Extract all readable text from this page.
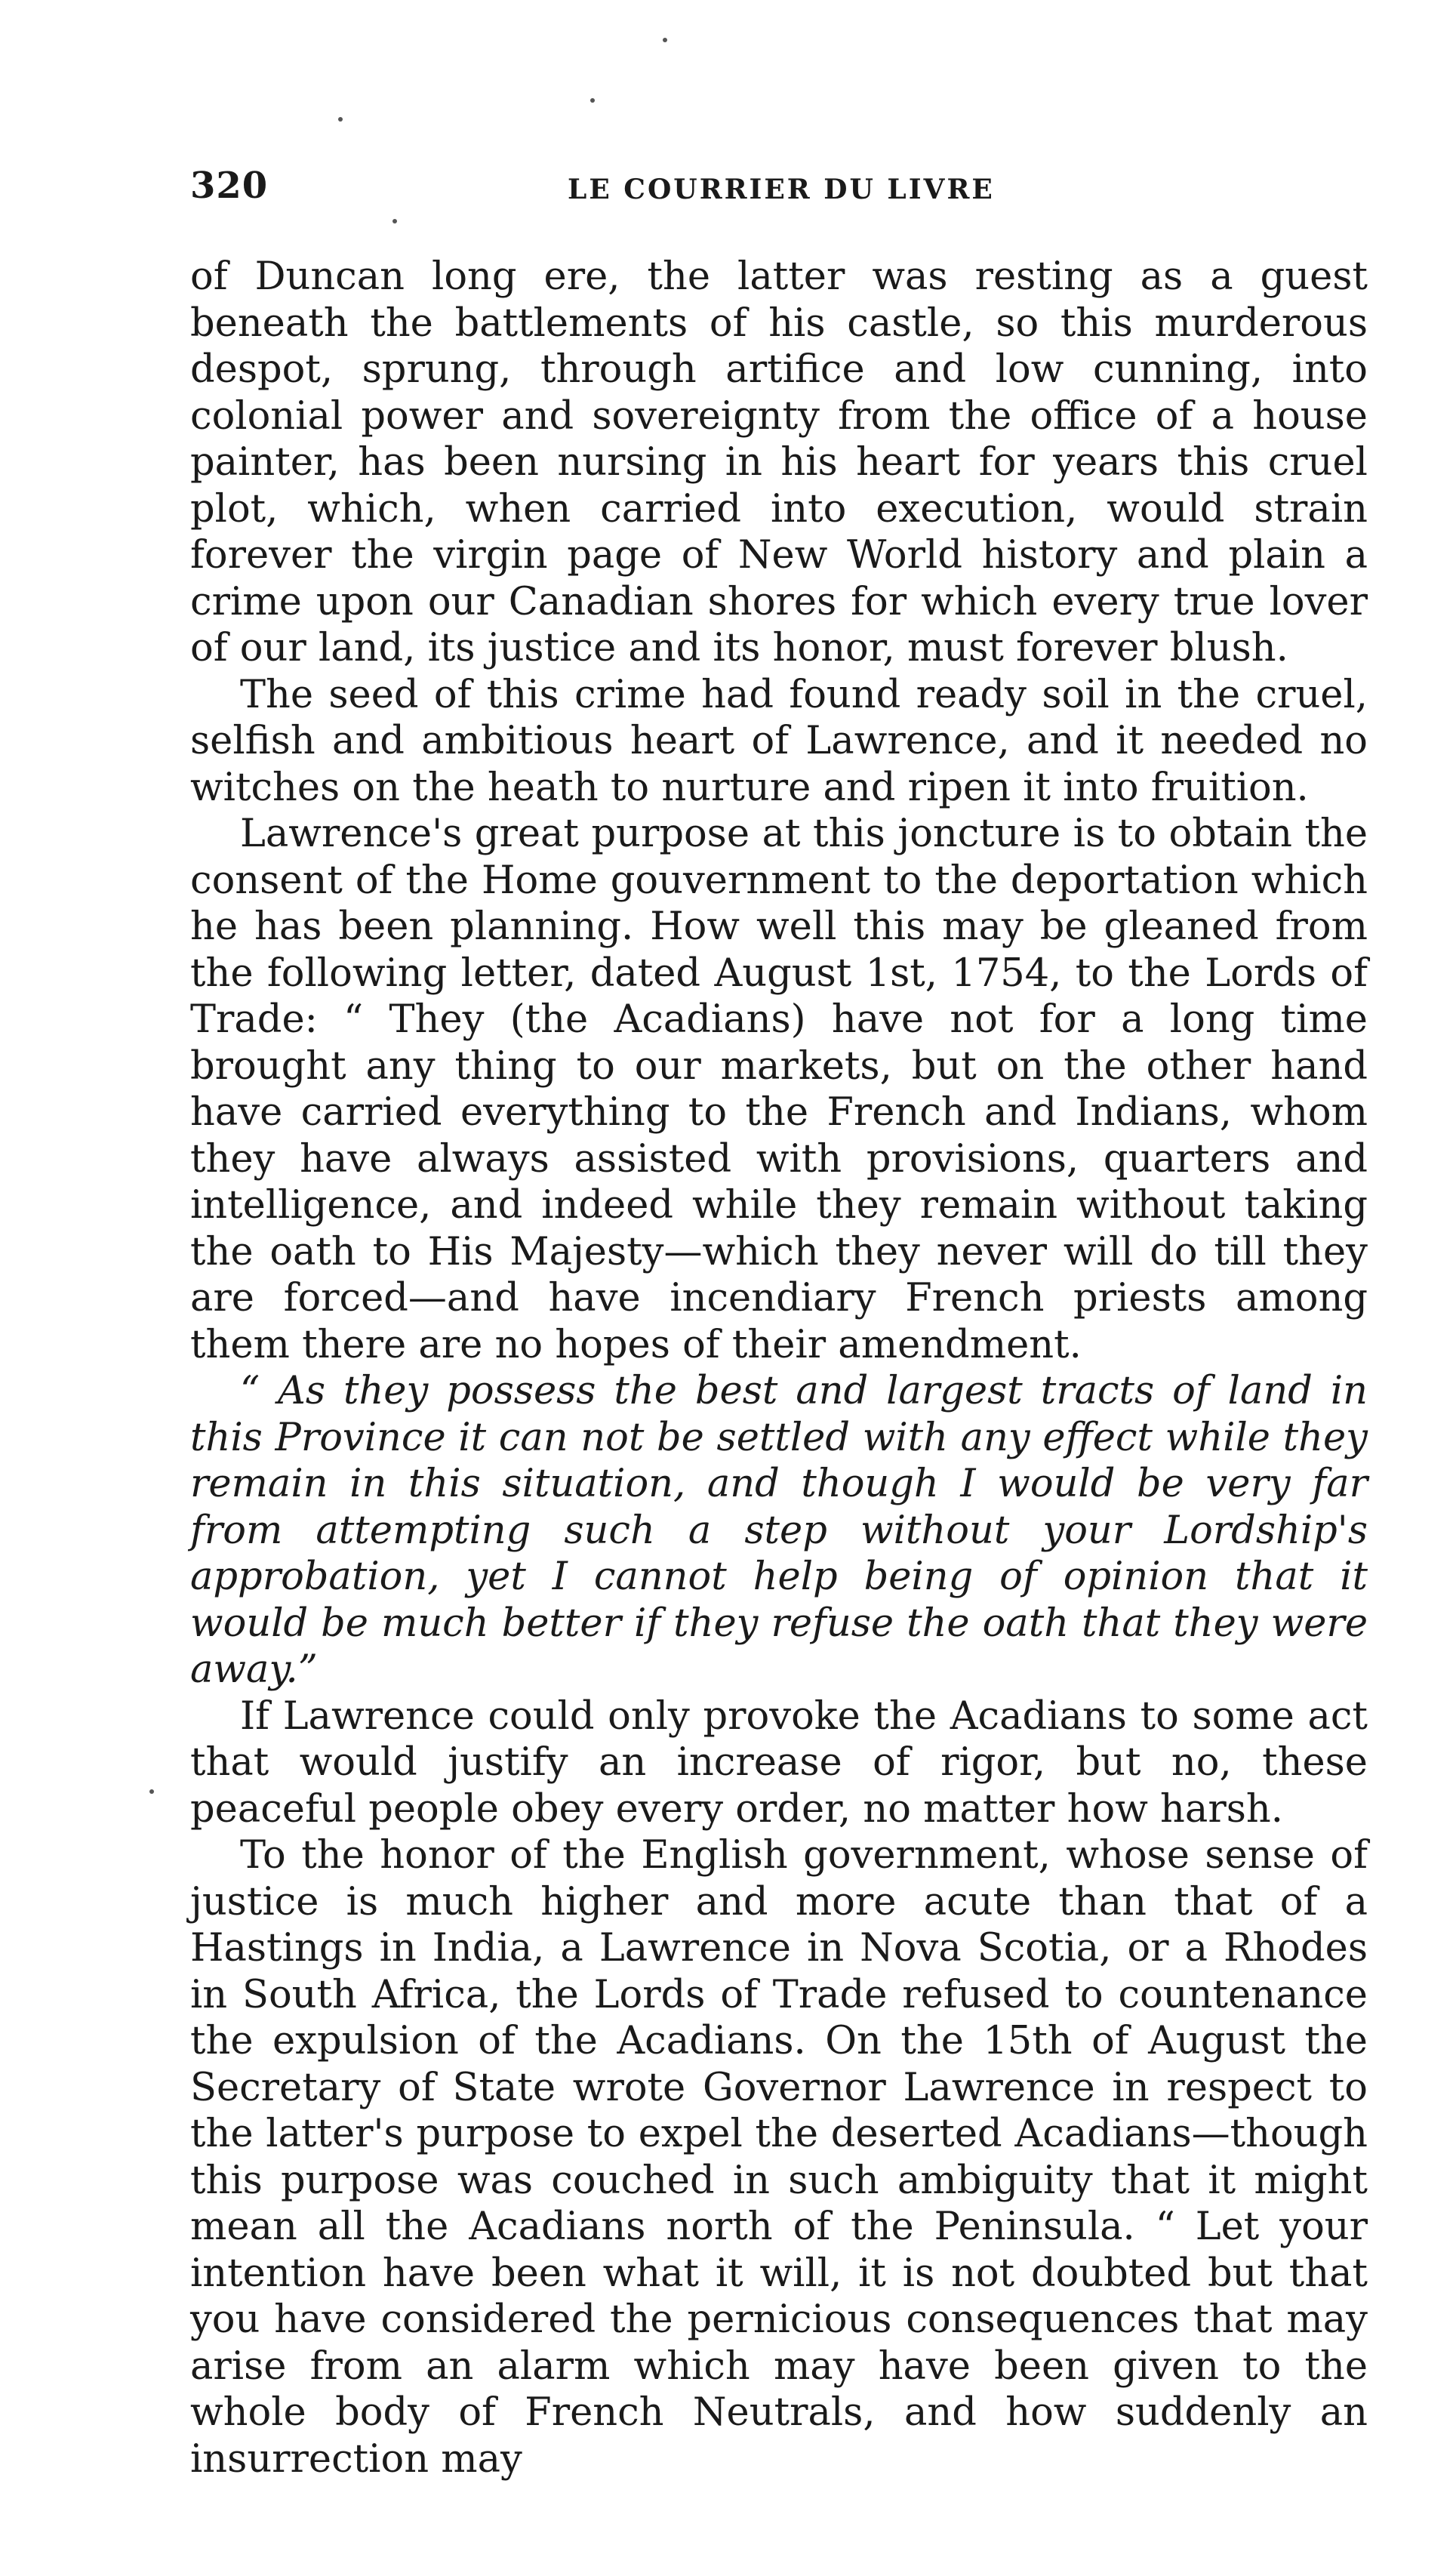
320	LE COURRIER DU LIVRE

of Duncan long ere, the latter was resting as a guest beneath the battlements of his castle, so this murderous despot, sprung, through artifice and low cunning, into colonial power and sovereignty from the office of a house painter, has been nursing in his heart for years this cruel plot, which, when carried into execution, would strain forever the virgin page of New World history and plain a crime upon our Canadian shores for which every true lover of our land, its justice and its honor, must forever blush.

The seed of this crime had found ready soil in the cruel, selfish and ambitious heart of Lawrence, and it needed no witches on the heath to nurture and ripen it into fruition.

Lawrence's great purpose at this joncture is to obtain the consent of the Home gouvernment to the deportation which he has been planning. How well this may be gleaned from the following letter, dated August 1st, 1754, to the Lords of Trade: “ They (the Acadians) have not for a long time brought any thing to our markets, but on the other hand have carried everything to the French and Indians, whom they have always assisted with provisions, quarters and intelligence, and indeed while they remain without taking the oath to His Majesty—which they never will do till they are forced—and have incendiary French priests among them there are no hopes of their amendment.

“ As they possess the best and largest tracts of land in this Province it can not be settled with any effect while they remain in this situation, and though I would be very far from attempting such a step without your Lordship's approbation, yet I cannot help being of opinion that it would be much better if they refuse the oath that they were away.”

If Lawrence could only provoke the Acadians to some act that would justify an increase of rigor, but no, these peaceful people obey every order, no matter how harsh.

To the honor of the English government, whose sense of justice is much higher and more acute than that of a Hastings in India, a Lawrence in Nova Scotia, or a Rhodes in South Africa, the Lords of Trade refused to countenance the expulsion of the Acadians. On the 15th of August the Secretary of State wrote Governor Lawrence in respect to the latter's purpose to expel the deserted Acadians—though this purpose was couched in such ambiguity that it might mean all the Acadians north of the Peninsula. “ Let your intention have been what it will, it is not doubted but that you have considered the pernicious consequences that may arise from an alarm which may have been given to the whole body of French Neutrals, and how suddenly an insurrection may
